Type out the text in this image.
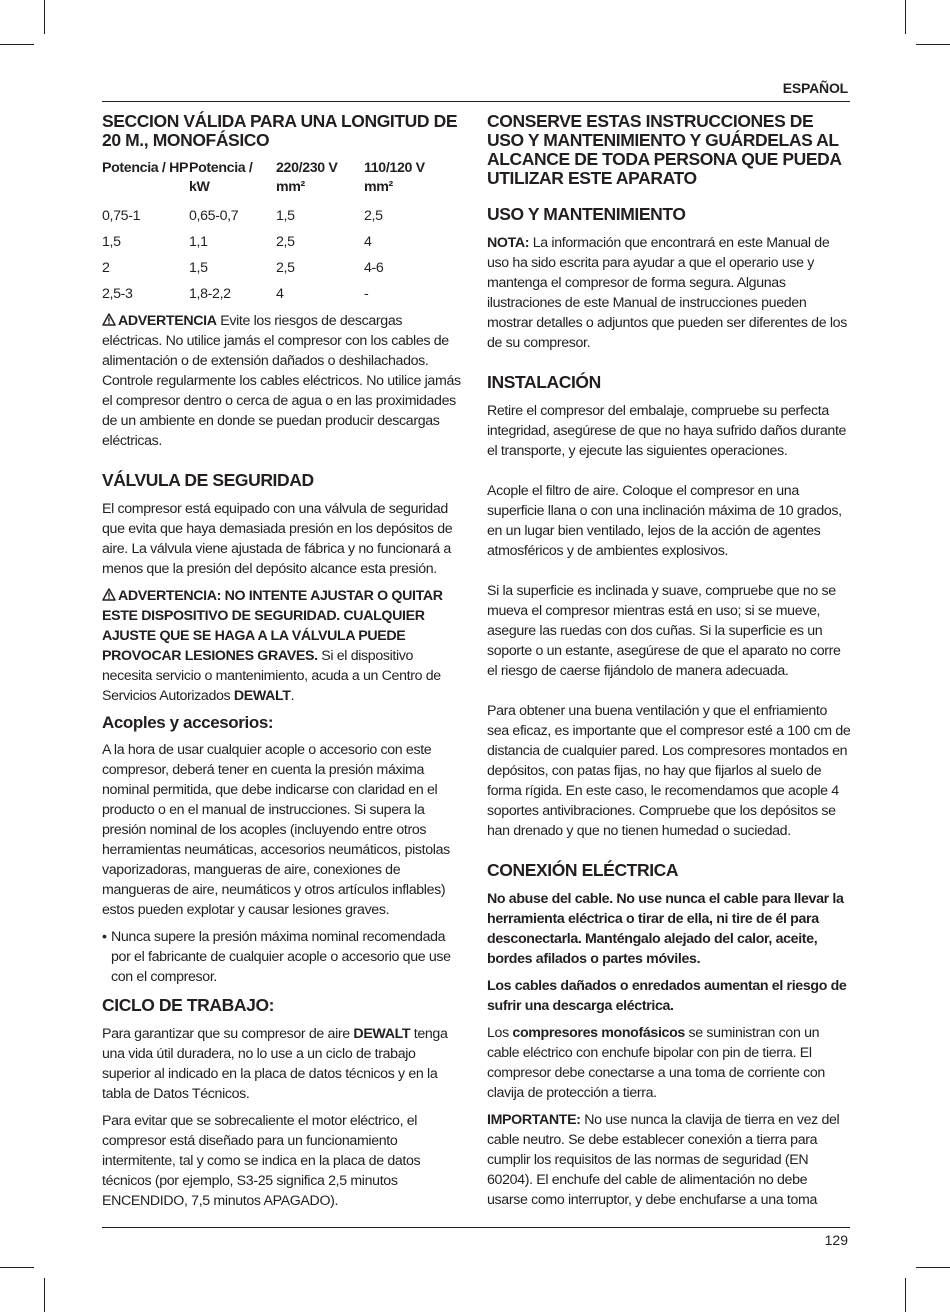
ESPAÑOL
129
SECCION VÁLIDA PARA UNA LONGITUD DE 20 M., MONOFÁSICO
Potencia / HP	Potencia / kW	220/230 V mm²	110/120 V mm²
0,75-1	0,65-0,7	1,5	2,5
1,5	1,1	2,5	4
2	1,5	2,5	4-6
2,5-3	1,8-2,2	4	-

ADVERTENCIA Evite los riesgos de descargas eléctricas. No utilice jamás el compresor con los cables de alimentación o de extensión dañados o deshilachados. Controle regularmente los cables eléctricos. No utilice jamás el compresor dentro o cerca de agua o en las proximidades de un ambiente en donde se puedan producir descargas eléctricas.

VÁLVULA DE SEGURIDAD

El compresor está equipado con una válvula de seguridad que evita que haya demasiada presión en los depósitos de aire. La válvula viene ajustada de fábrica y no funcionará a menos que la presión del depósito alcance esta presión.

ADVERTENCIA: NO INTENTE AJUSTAR O QUITAR ESTE DISPOSITIVO DE SEGURIDAD. CUALQUIER AJUSTE QUE SE HAGA A LA VÁLVULA PUEDE PROVOCAR LESIONES GRAVES. Si el dispositivo necesita servicio o mantenimiento, acuda a un Centro de Servicios Autorizados DEWALT.

Acoples y accesorios:

A la hora de usar cualquier acople o accesorio con este compresor, deberá tener en cuenta la presión máxima nominal permitida, que debe indicarse con claridad en el producto o en el manual de instrucciones. Si supera la presión nominal de los acoples (incluyendo entre otros herramientas neumáticas, accesorios neumáticos, pistolas vaporizadoras, mangueras de aire, conexiones de mangueras de aire, neumáticos y otros artículos inflables) estos pueden explotar y causar lesiones graves.

• Nunca supere la presión máxima nominal recomendada por el fabricante de cualquier acople o accesorio que use con el compresor.
CICLO DE TRABAJO:

Para garantizar que su compresor de aire DEWALT tenga una vida útil duradera, no lo use a un ciclo de trabajo superior al indicado en la placa de datos técnicos y en la tabla de Datos Técnicos.

Para evitar que se sobrecaliente el motor eléctrico, el compresor está diseñado para un funcionamiento intermitente, tal y como se indica en la placa de datos técnicos (por ejemplo, S3-25 significa 2,5 minutos ENCENDIDO, 7,5 minutos APAGADO).

CONSERVE ESTAS INSTRUCCIONES DE USO Y MANTENIMIENTO Y GUÁRDELAS AL ALCANCE DE TODA PERSONA QUE PUEDA UTILIZAR ESTE APARATO
USO Y MANTENIMIENTO

NOTA: La información que encontrará en este Manual de uso ha sido escrita para ayudar a que el operario use y mantenga el compresor de forma segura. Algunas ilustraciones de este Manual de instrucciones pueden mostrar detalles o adjuntos que pueden ser diferentes de los de su compresor.

INSTALACIÓN

Retire el compresor del embalaje, compruebe su perfecta integridad, asegúrese de que no haya sufrido daños durante el transporte, y ejecute las siguientes operaciones.

Acople el filtro de aire. Coloque el compresor en una superficie llana o con una inclinación máxima de 10 grados, en un lugar bien ventilado, lejos de la acción de agentes atmosféricos y de ambientes explosivos.

Si la superficie es inclinada y suave, compruebe que no se mueva el compresor mientras está en uso; si se mueve, asegure las ruedas con dos cuñas. Si la superficie es un soporte o un estante, asegúrese de que el aparato no corre el riesgo de caerse fijándolo de manera adecuada.

Para obtener una buena ventilación y que el enfriamiento sea eficaz, es importante que el compresor esté a 100 cm de distancia de cualquier pared. Los compresores montados en depósitos, con patas fijas, no hay que fijarlos al suelo de forma rígida. En este caso, le recomendamos que acople 4 soportes antivibraciones. Compruebe que los depósitos se han drenado y que no tienen humedad o suciedad.

CONEXIÓN ELÉCTRICA

No abuse del cable. No use nunca el cable para llevar la herramienta eléctrica o tirar de ella, ni tire de él para desconectarla. Manténgalo alejado del calor, aceite, bordes afilados o partes móviles.

Los cables dañados o enredados aumentan el riesgo de sufrir una descarga eléctrica.

Los compresores monofásicos se suministran con un cable eléctrico con enchufe bipolar con pin de tierra. El compresor debe conectarse a una toma de corriente con clavija de protección a tierra.

IMPORTANTE: No use nunca la clavija de tierra en vez del cable neutro. Se debe establecer conexión a tierra para cumplir los requisitos de las normas de seguridad (EN 60204). El enchufe del cable de alimentación no debe usarse como interruptor, y debe enchufarse a una toma
